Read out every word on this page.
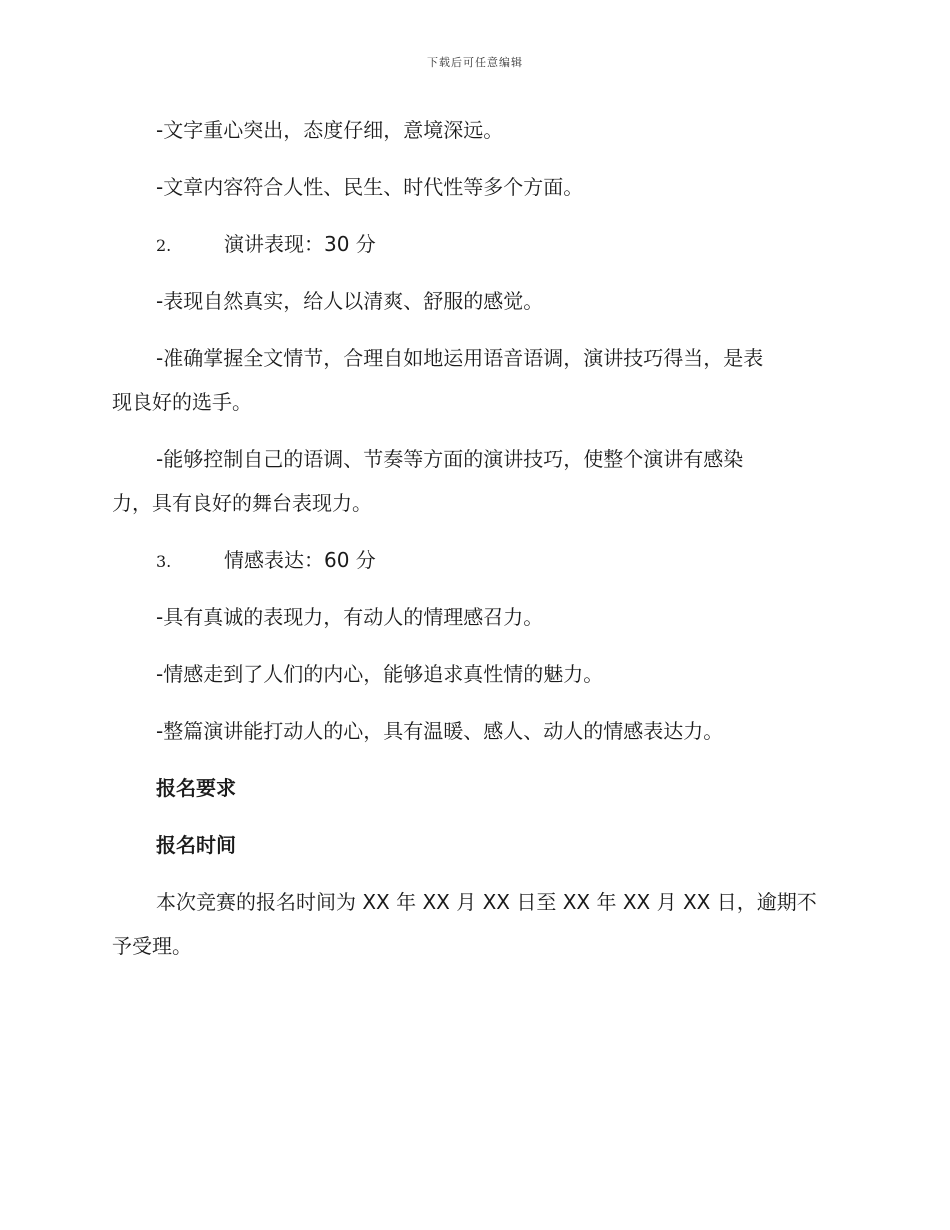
下载后可任意编辑

-文字重心突出，态度仔细，意境深远。

-文章内容符合人性、民生、时代性等多个方面。

2.	演讲表现：30 分

-表现自然真实，给人以清爽、舒服的感觉。

-准确掌握全文情节，合理自如地运用语音语调，演讲技巧得当，是表

现良好的选手。

-能够控制自己的语调、节奏等方面的演讲技巧，使整个演讲有感染

力，具有良好的舞台表现力。

3.	情感表达：60 分

-具有真诚的表现力，有动人的情理感召力。

-情感走到了人们的内心，能够追求真性情的魅力。

-整篇演讲能打动人的心，具有温暖、感人、动人的情感表达力。

报名要求

报名时间

本次竞赛的报名时间为 XX 年 XX 月 XX 日至 XX 年 XX 月 XX 日，逾期不

予受理。
